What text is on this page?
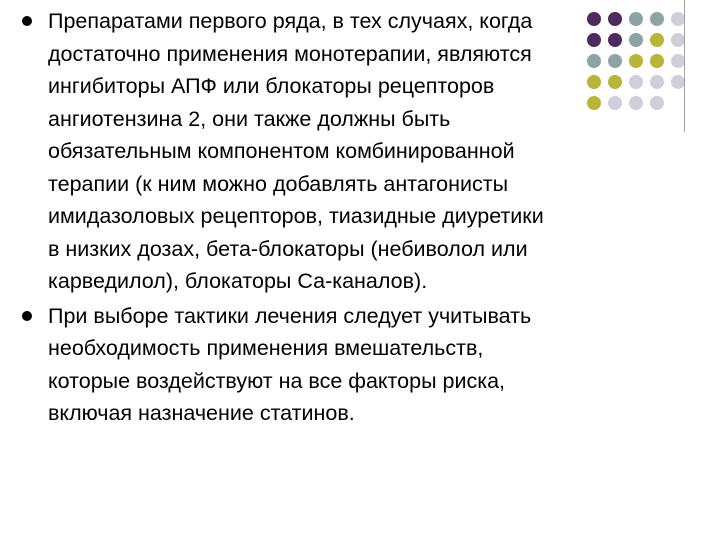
Препаратами первого ряда, в тех случаях, когда
достаточно применения монотерапии, являются
ингибиторы АПФ или блокаторы рецепторов
ангиотензина 2, они также должны быть
обязательным компонентом комбинированной
терапии (к ним можно добавлять антагонисты
имидазоловых рецепторов, тиазидные диуретики
в низких дозах, бета-блокаторы (небиволол или
карведилол), блокаторы Са-каналов).
При выборе тактики лечения следует учитывать
необходимость применения вмешательств,
которые воздействуют на все факторы риска,
включая назначение статинов.
